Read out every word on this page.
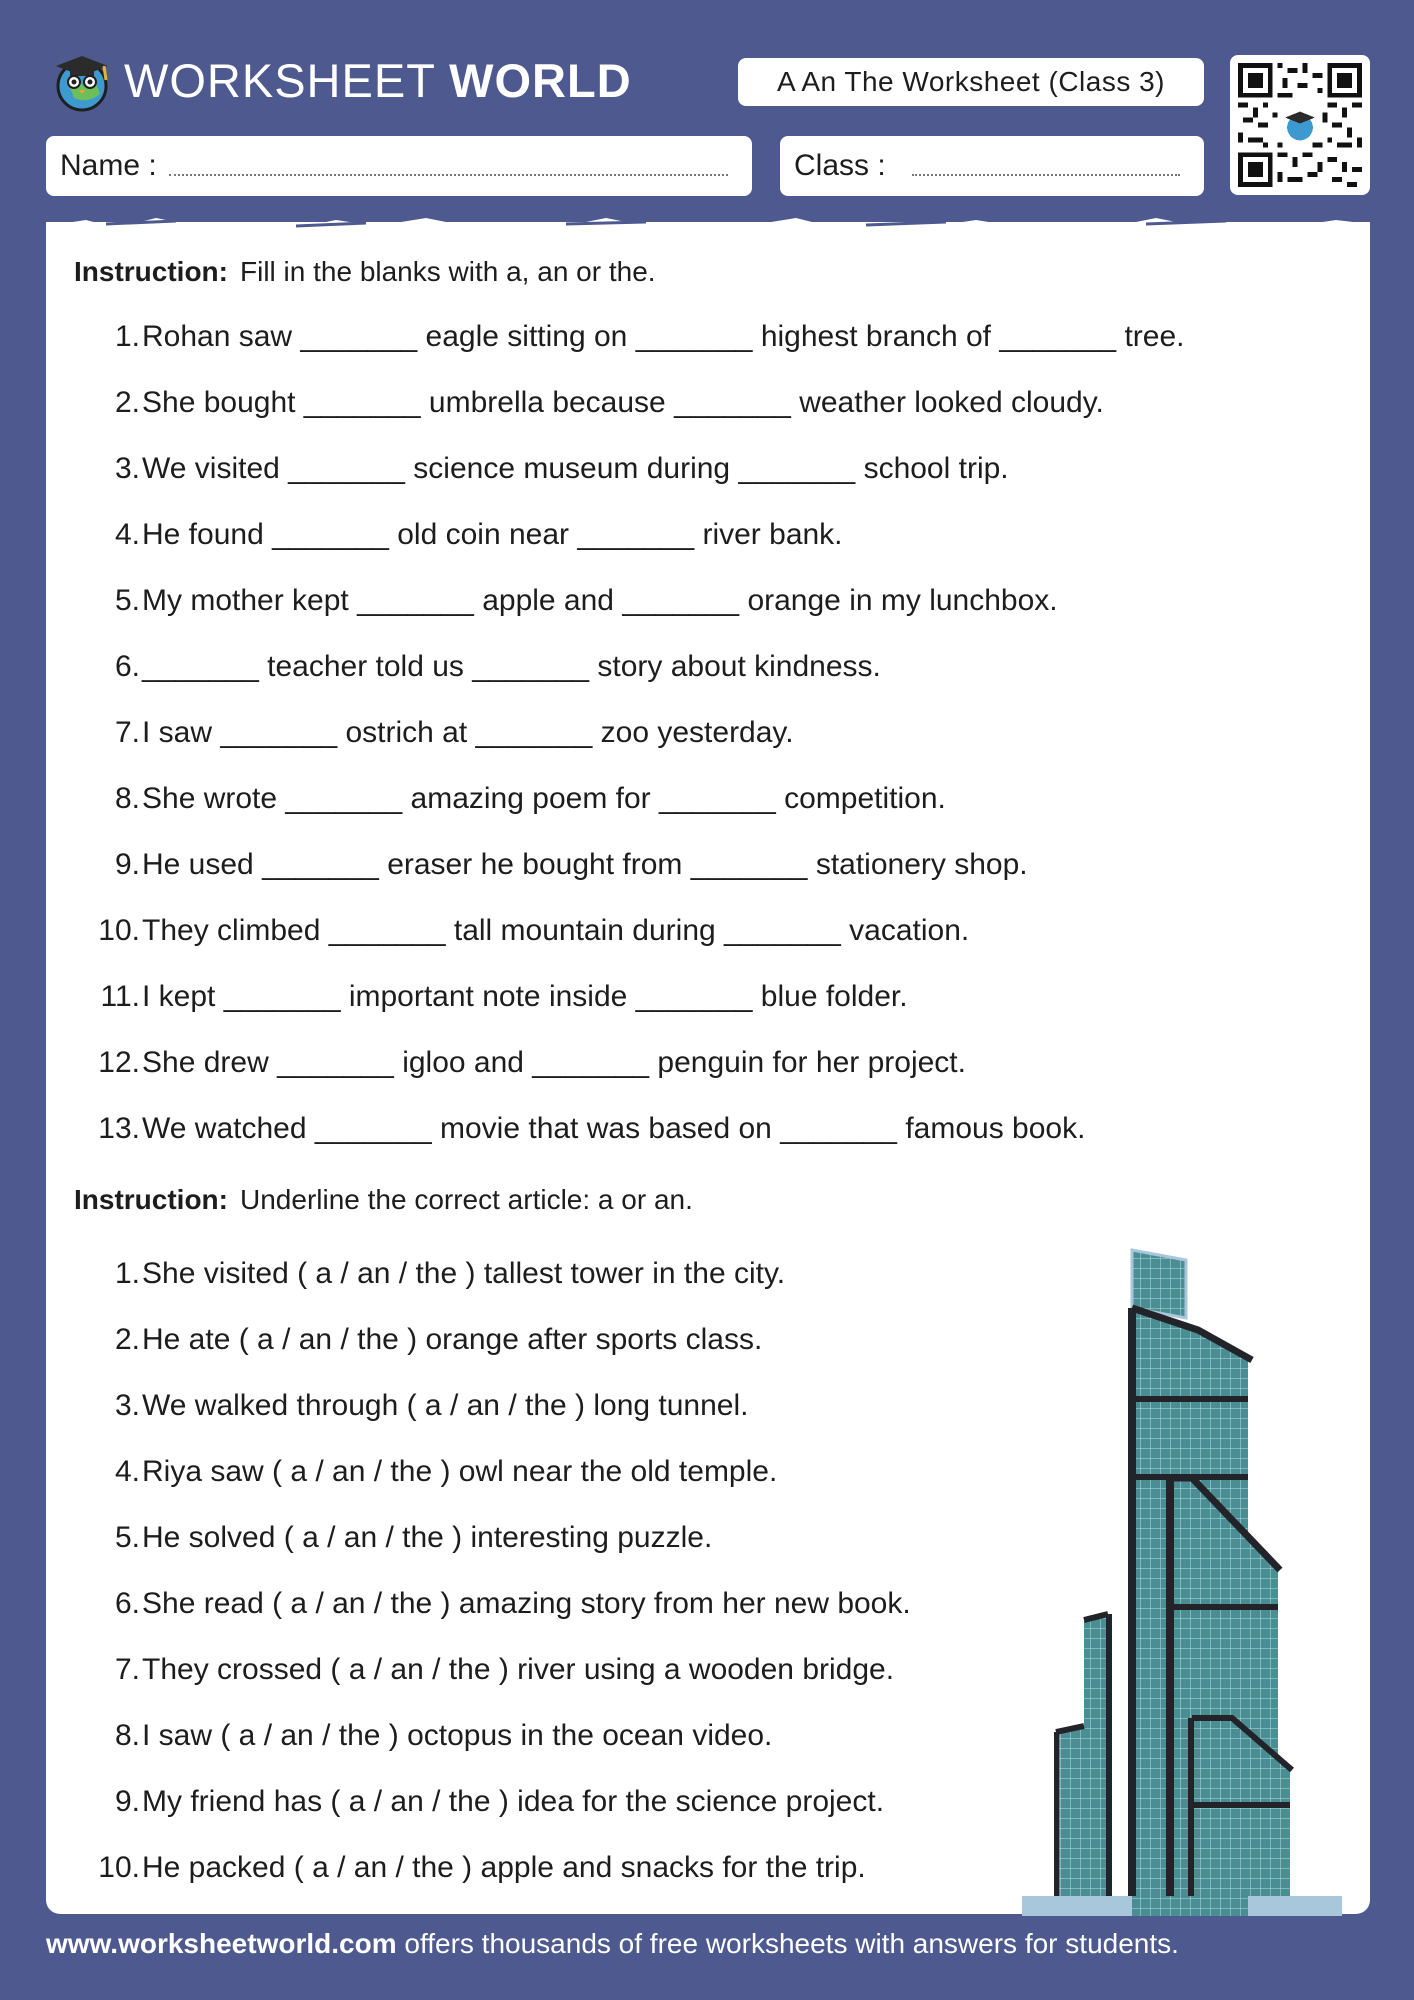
WORKSHEET WORLD	A An The Worksheet (Class 3)
Name :	Class :
Instruction: Fill in the blanks with a, an or the.
1. Rohan saw _______ eagle sitting on _______ highest branch of _______ tree.
2. She bought _______ umbrella because _______ weather looked cloudy.
3. We visited _______ science museum during _______ school trip.
4. He found _______ old coin near _______ river bank.
5. My mother kept _______ apple and _______ orange in my lunchbox.
6. _______ teacher told us _______ story about kindness.
7. I saw _______ ostrich at _______ zoo yesterday.
8. She wrote _______ amazing poem for _______ competition.
9. He used _______ eraser he bought from _______ stationery shop.
10. They climbed _______ tall mountain during _______ vacation.
11. I kept _______ important note inside _______ blue folder.
12. She drew _______ igloo and _______ penguin for her project.
13. We watched _______ movie that was based on _______ famous book.
Instruction: Underline the correct article: a or an.
1. She visited ( a / an / the ) tallest tower in the city.
2. He ate ( a / an / the ) orange after sports class.
3. We walked through ( a / an / the ) long tunnel.
4. Riya saw ( a / an / the ) owl near the old temple.
5. He solved ( a / an / the ) interesting puzzle.
6. She read ( a / an / the ) amazing story from her new book.
7. They crossed ( a / an / the ) river using a wooden bridge.
8. I saw ( a / an / the ) octopus in the ocean video.
9. My friend has ( a / an / the ) idea for the science project.
10. He packed ( a / an / the ) apple and snacks for the trip.
www.worksheetworld.com offers thousands of free worksheets with answers for students.
